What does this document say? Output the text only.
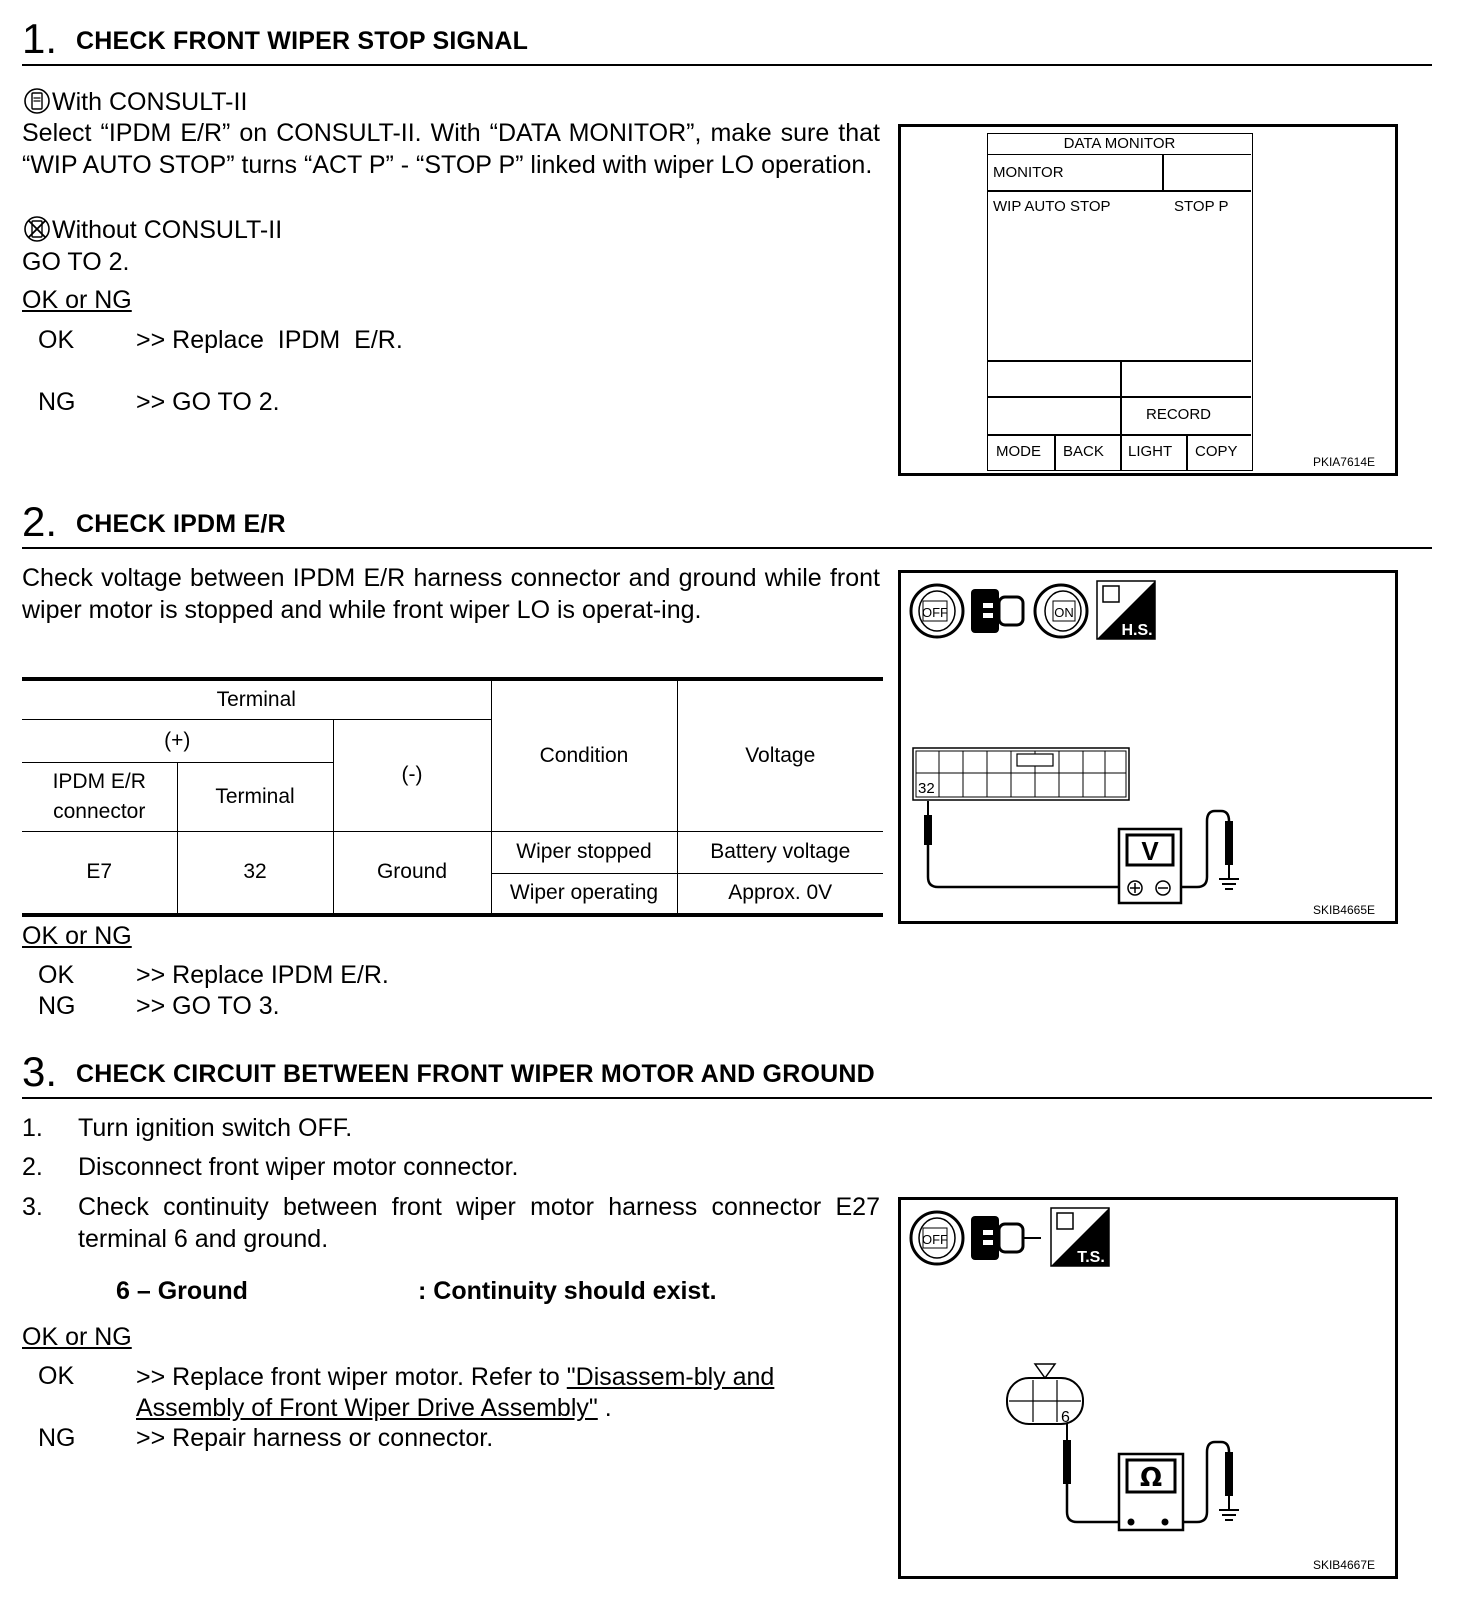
1. CHECK FRONT WIPER STOP SIGNAL
With CONSULT-II
Select “IPDM E/R” on CONSULT-II. With “DATA MONITOR”, make sure that “WIP AUTO STOP” turns “ACT P” - “STOP P” linked with wiper LO operation.
Without CONSULT-II
GO TO 2.
OK or NG
OK >> Replace  IPDM  E/R.
NG >> GO TO 2.
DATA MONITOR
MONITOR
WIP AUTO STOP	STOP P
RECORD
MODE BACK LIGHT COPY
PKIA7614E
2. CHECK IPDM E/R
Check voltage between IPDM E/R harness connector and ground while front wiper motor is stopped and while front wiper LO is operat-ing.
Terminal			Condition	Voltage
(+)		(-)		
IPDM E/R connector	Terminal			
E7	32	Ground	Wiper stopped	Battery voltage
			Wiper operating	Approx. 0V
OK or NG
OK >> Replace IPDM E/R.
NG >> GO TO 3.
OFF	ON
H.S.
32
V
SKIB4665E
3. CHECK CIRCUIT BETWEEN FRONT WIPER MOTOR AND GROUND
1. Turn ignition switch OFF.
2. Disconnect front wiper motor connector.
3. Check continuity between front wiper motor harness connector E27 terminal 6 and ground.
6 – Ground	: Continuity should exist.
OK or NG
OK >> Replace front wiper motor. Refer to "Disassem-bly and Assembly of Front Wiper Drive Assembly" .
NG >> Repair harness or connector.
OFF
T.S.
6
Ω
SKIB4667E
